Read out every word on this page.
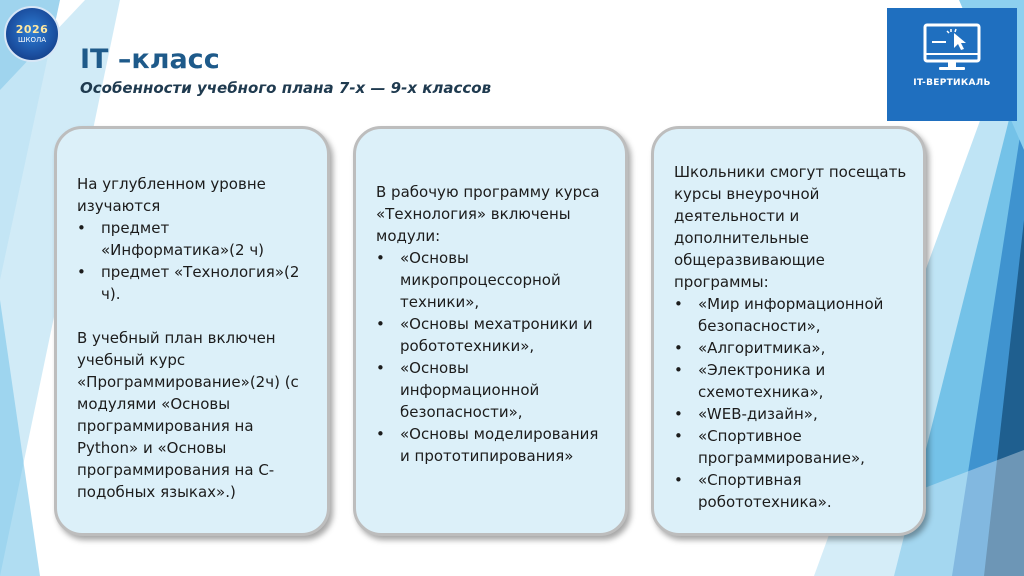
2026
ШКОЛА
IT –класс
Особенности учебного плана 7-х — 9-х классов	IT-ВЕРТИКАЛЬ

На углубленном уровне изучаются

• предмет «Информатика»(2 ч)
• предмет «Технология»(2 ч).

В учебный план включен учебный курс «Программирование»(2ч) (с модулями «Основы программирования на Python» и «Основы программирования на С-подобных языках».)

В рабочую программу курса «Технология» включены модули:

• «Основы микропроцессорной техники»,
• «Основы мехатроники и робототехники»,
• «Основы информационной безопасности»,
• «Основы моделирования и прототипирования»

Школьники смогут посещать курсы внеурочной деятельности и дополнительные общеразвивающие программы:

• «Мир информационной безопасности»,
• «Алгоритмика»,
• «Электроника и схемотехника»,
• «WEB-дизайн»,
• «Спортивное программирование»,
• «Спортивная робототехника».
